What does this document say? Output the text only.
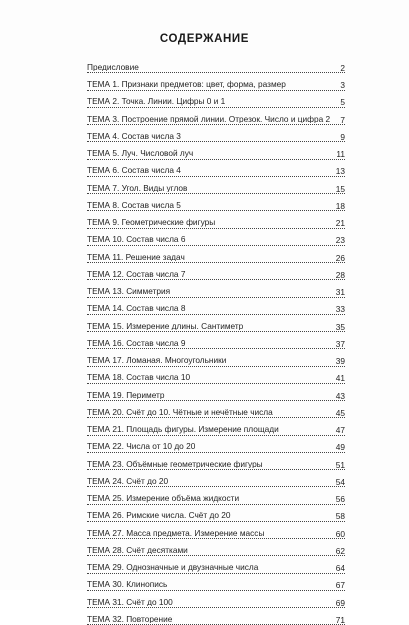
СОДЕРЖАНИЕ
Предисловие	2
ТЕМА 1. Признаки предметов: цвет, форма, размер	3
ТЕМА 2. Точка. Линии. Цифры 0 и 1	5
ТЕМА 3. Построение прямой линии. Отрезок. Число и цифра 2	7
ТЕМА 4. Состав числа 3	9
ТЕМА 5. Луч. Числовой луч	11
ТЕМА 6. Состав числа 4	13
ТЕМА 7. Угол. Виды углов	15
ТЕМА 8. Состав числа 5	18
ТЕМА 9. Геометрические фигуры	21
ТЕМА 10. Состав числа 6	23
ТЕМА 11. Решение задач	26
ТЕМА 12. Состав числа 7	28
ТЕМА 13. Симметрия	31
ТЕМА 14. Состав числа 8	33
ТЕМА 15. Измерение длины. Сантиметр	35
ТЕМА 16. Состав числа 9	37
ТЕМА 17. Ломаная. Многоугольники	39
ТЕМА 18. Состав числа 10	41
ТЕМА 19. Периметр	43
ТЕМА 20. Счёт до 10. Чётные и нечётные числа	45
ТЕМА 21. Площадь фигуры. Измерение площади	47
ТЕМА 22. Числа от 10 до 20	49
ТЕМА 23. Объёмные геометрические фигуры	51
ТЕМА 24. Счёт до 20	54
ТЕМА 25. Измерение объёма жидкости	56
ТЕМА 26. Римские числа. Счёт до 20	58
ТЕМА 27. Масса предмета. Измерение массы	60
ТЕМА 28. Счёт десятками	62
ТЕМА 29. Однозначные и двузначные числа	64
ТЕМА 30. Клинопись	67
ТЕМА 31. Счёт до 100	69
ТЕМА 32. Повторение	71
